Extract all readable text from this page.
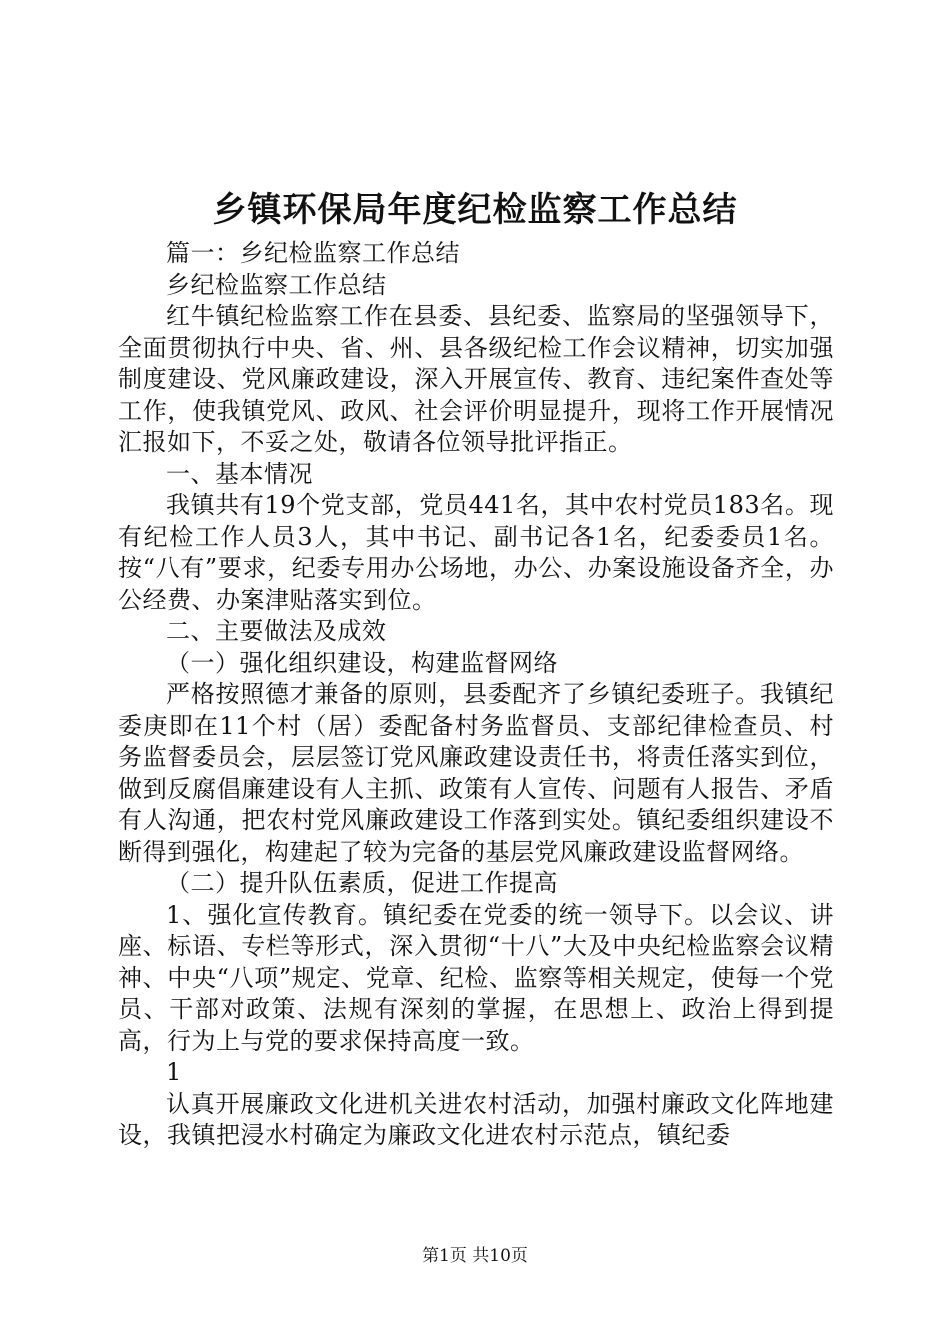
乡镇环保局年度纪检监察工作总结

篇一：乡纪检监察工作总结

乡纪检监察工作总结

红牛镇纪检监察工作在县委、县纪委、监察局的坚强领导下，全面贯彻执行中央、省、州、县各级纪检工作会议精神，切实加强制度建设、党风廉政建设，深入开展宣传、教育、违纪案件查处等工作，使我镇党风、政风、社会评价明显提升，现将工作开展情况汇报如下，不妥之处，敬请各位领导批评指正。

一、基本情况

我镇共有19个党支部，党员441名，其中农村党员183名。现有纪检工作人员3人，其中书记、副书记各1名，纪委委员1名。按“八有”要求，纪委专用办公场地，办公、办案设施设备齐全，办公经费、办案津贴落实到位。

二、主要做法及成效

（一）强化组织建设，构建监督网络

严格按照德才兼备的原则，县委配齐了乡镇纪委班子。我镇纪委庚即在11个村（居）委配备村务监督员、支部纪律检查员、村务监督委员会，层层签订党风廉政建设责任书，将责任落实到位，做到反腐倡廉建设有人主抓、政策有人宣传、问题有人报告、矛盾有人沟通，把农村党风廉政建设工作落到实处。镇纪委组织建设不断得到强化，构建起了较为完备的基层党风廉政建设监督网络。

（二）提升队伍素质，促进工作提高

1、强化宣传教育。镇纪委在党委的统一领导下。以会议、讲座、标语、专栏等形式，深入贯彻“十八”大及中央纪检监察会议精神、中央“八项”规定、党章、纪检、监察等相关规定，使每一个党员、干部对政策、法规有深刻的掌握，在思想上、政治上得到提高，行为上与党的要求保持高度一致。

1

认真开展廉政文化进机关进农村活动，加强村廉政文化阵地建设，我镇把浸水村确定为廉政文化进农村示范点，镇纪委

第1页 共10页
